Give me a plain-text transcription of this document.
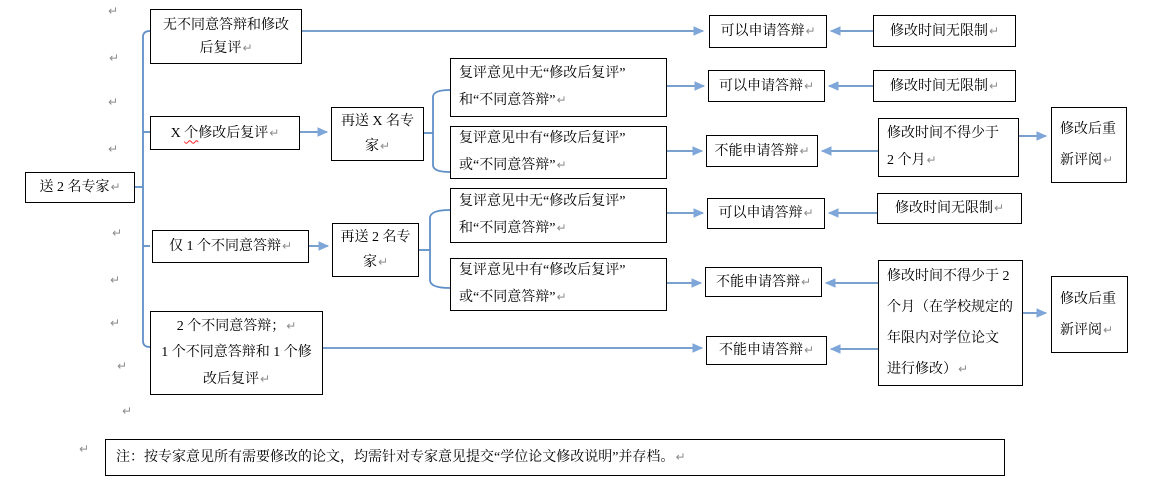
↵
↵
↵
↵
↵
↵
↵
↵
↵
↵
送 2 名专家↵
无不同意答辩和修改
后复评↵
X 个修改后复评↵
仅 1 个不同意答辩↵
2 个不同意答辩；↵
1 个不同意答辩和 1 个修
改后复评↵
再送 X 名专
家↵
再送 2 名专
家↵
复评意见中无“修改后复评”
和“不同意答辩”↵
复评意见中有“修改后复评”
或“不同意答辩”↵
复评意见中无“修改后复评”
和“不同意答辩”↵
复评意见中有“修改后复评”
或“不同意答辩”↵
可以申请答辩↵
可以申请答辩↵
不能申请答辩↵
可以申请答辩↵
不能申请答辩↵
不能申请答辩↵
修改时间无限制↵
修改时间无限制↵
修改时间不得少于
2 个月↵
修改时间无限制↵
修改时间不得少于 2
个月（在学校规定的
年限内对学位论文
进行修改）↵
修改后重
新评阅↵
修改后重
新评阅↵
注：按专家意见所有需要修改的论文，均需针对专家意见提交“学位论文修改说明”并存档。↵
